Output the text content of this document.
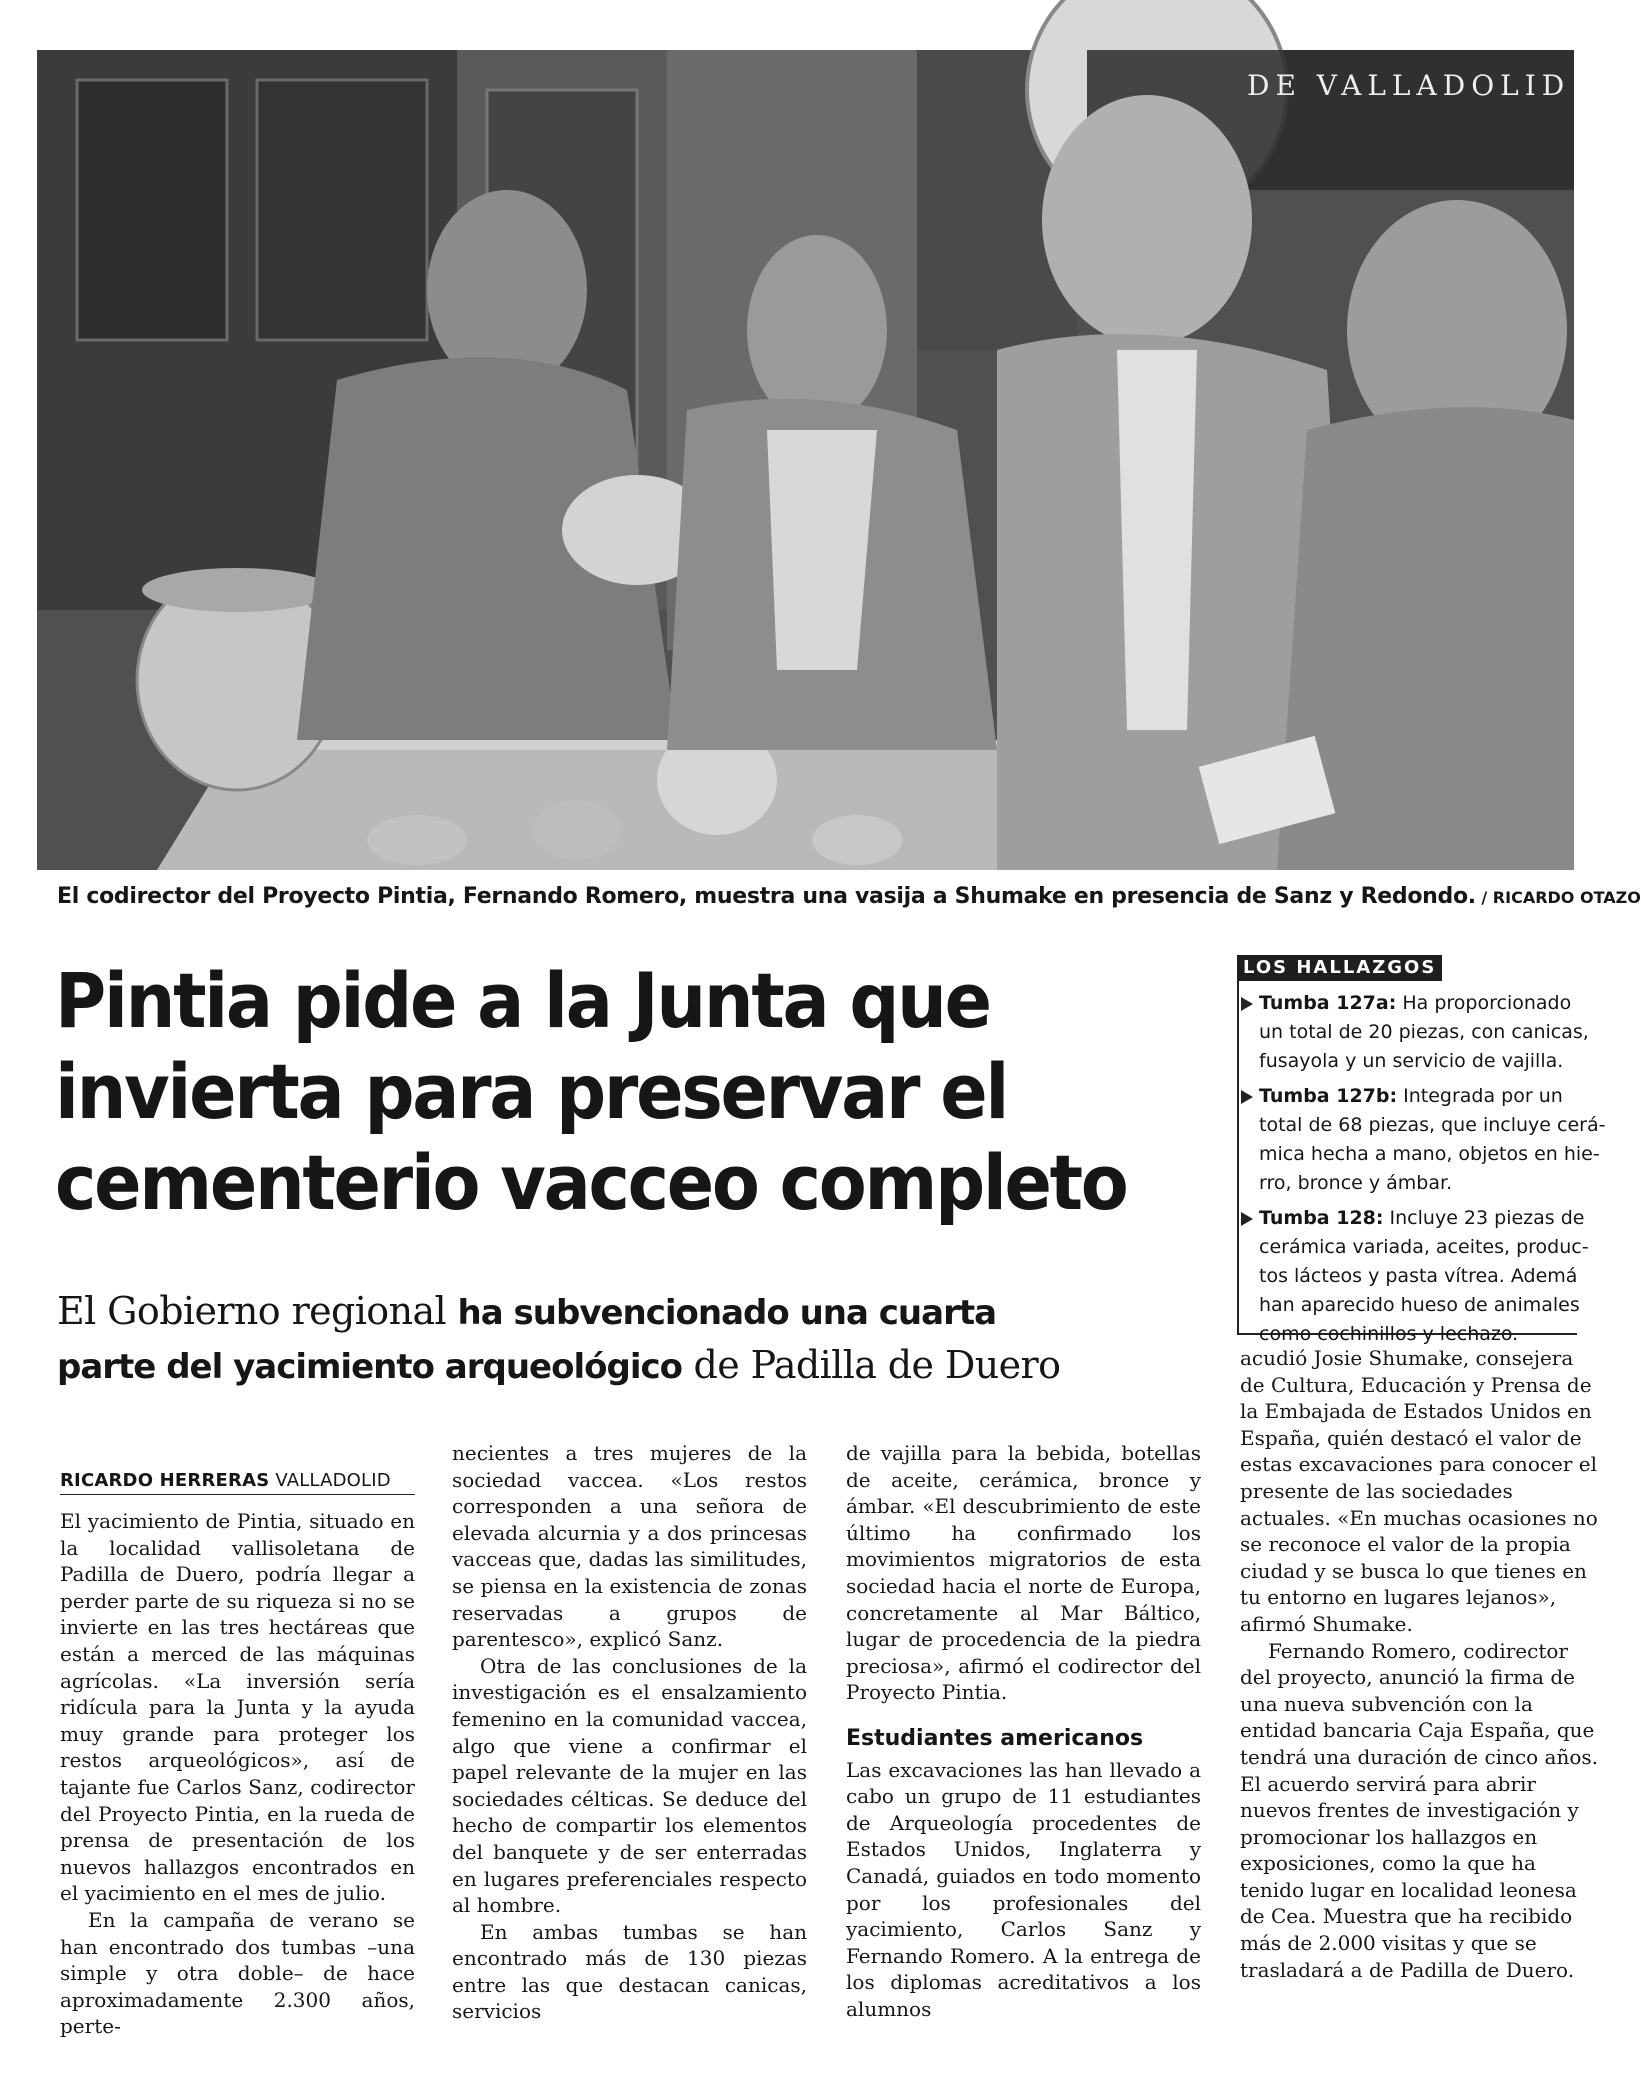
DE VALLADOLID
El codirector del Proyecto Pintia, Fernando Romero, muestra una vasija a Shumake en presencia de Sanz y Redondo. / RICARDO OTAZO
Pintia pide a la Junta que
invierta para preservar el
cementerio vacceo completo
El Gobierno regional ha subvencionado una cuarta
parte del yacimiento arqueológico de Padilla de Duero
LOS HALLAZGOS
Tumba 127a: Ha proporcionado
un total de 20 piezas, con canicas,
fusayola y un servicio de vajilla.
Tumba 127b: Integrada por un
total de 68 piezas, que incluye cerá-
mica hecha a mano, objetos en hie-
rro, bronce y ámbar.
Tumba 128: Incluye 23 piezas de
cerámica variada, aceites, produc-
tos lácteos y pasta vítrea. Ademá
han aparecido hueso de animales
como cochinillos y lechazo.
RICARDO HERRERAS VALLADOLID

El yacimiento de Pintia, situado en la localidad vallisoletana de Padilla de Duero, podría llegar a perder parte de su riqueza si no se invierte en las tres hectáreas que están a merced de las máquinas agrícolas. «La inversión sería ridícula para la Junta y la ayuda muy grande para proteger los restos arqueológicos», así de tajante fue Carlos Sanz, codirector del Proyecto Pintia, en la rueda de prensa de presentación de los nuevos hallazgos encontrados en el yacimiento en el mes de julio.

En la campaña de verano se han encontrado dos tumbas –una simple y otra doble– de hace aproximadamente 2.300 años, perte-

necientes a tres mujeres de la sociedad vaccea. «Los restos corresponden a una señora de elevada alcurnia y a dos princesas vacceas que, dadas las similitudes, se piensa en la existencia de zonas reservadas a grupos de parentesco», explicó Sanz.

Otra de las conclusiones de la investigación es el ensalzamiento femenino en la comunidad vaccea, algo que viene a confirmar el papel relevante de la mujer en las sociedades célticas. Se deduce del hecho de compartir los elementos del banquete y de ser enterradas en lugares preferenciales respecto al hombre.

En ambas tumbas se han encontrado más de 130 piezas entre las que destacan canicas, servicios

de vajilla para la bebida, botellas de aceite, cerámica, bronce y ámbar. «El descubrimiento de este último ha confirmado los movimientos migratorios de esta sociedad hacia el norte de Europa, concretamente al Mar Báltico, lugar de procedencia de la piedra preciosa», afirmó el codirector del Proyecto Pintia.

Estudiantes americanos

Las excavaciones las han llevado a cabo un grupo de 11 estudiantes de Arqueología procedentes de Estados Unidos, Inglaterra y Canadá, guiados en todo momento por los profesionales del yacimiento, Carlos Sanz y Fernando Romero. A la entrega de los diplomas acreditativos a los alumnos

acudió Josie Shumake, consejera de Cultura, Educación y Prensa de la Embajada de Estados Unidos en España, quién destacó el valor de estas excavaciones para conocer el presente de las sociedades actuales. «En muchas ocasiones no se reconoce el valor de la propia ciudad y se busca lo que tienes en tu entorno en lugares lejanos», afirmó Shumake.

Fernando Romero, codirector del proyecto, anunció la firma de una nueva subvención con la entidad bancaria Caja España, que tendrá una duración de cinco años. El acuerdo servirá para abrir nuevos frentes de investigación y promocionar los hallazgos en exposiciones, como la que ha tenido lugar en localidad leonesa de Cea. Muestra que ha recibido más de 2.000 visitas y que se trasladará a de Padilla de Duero.
